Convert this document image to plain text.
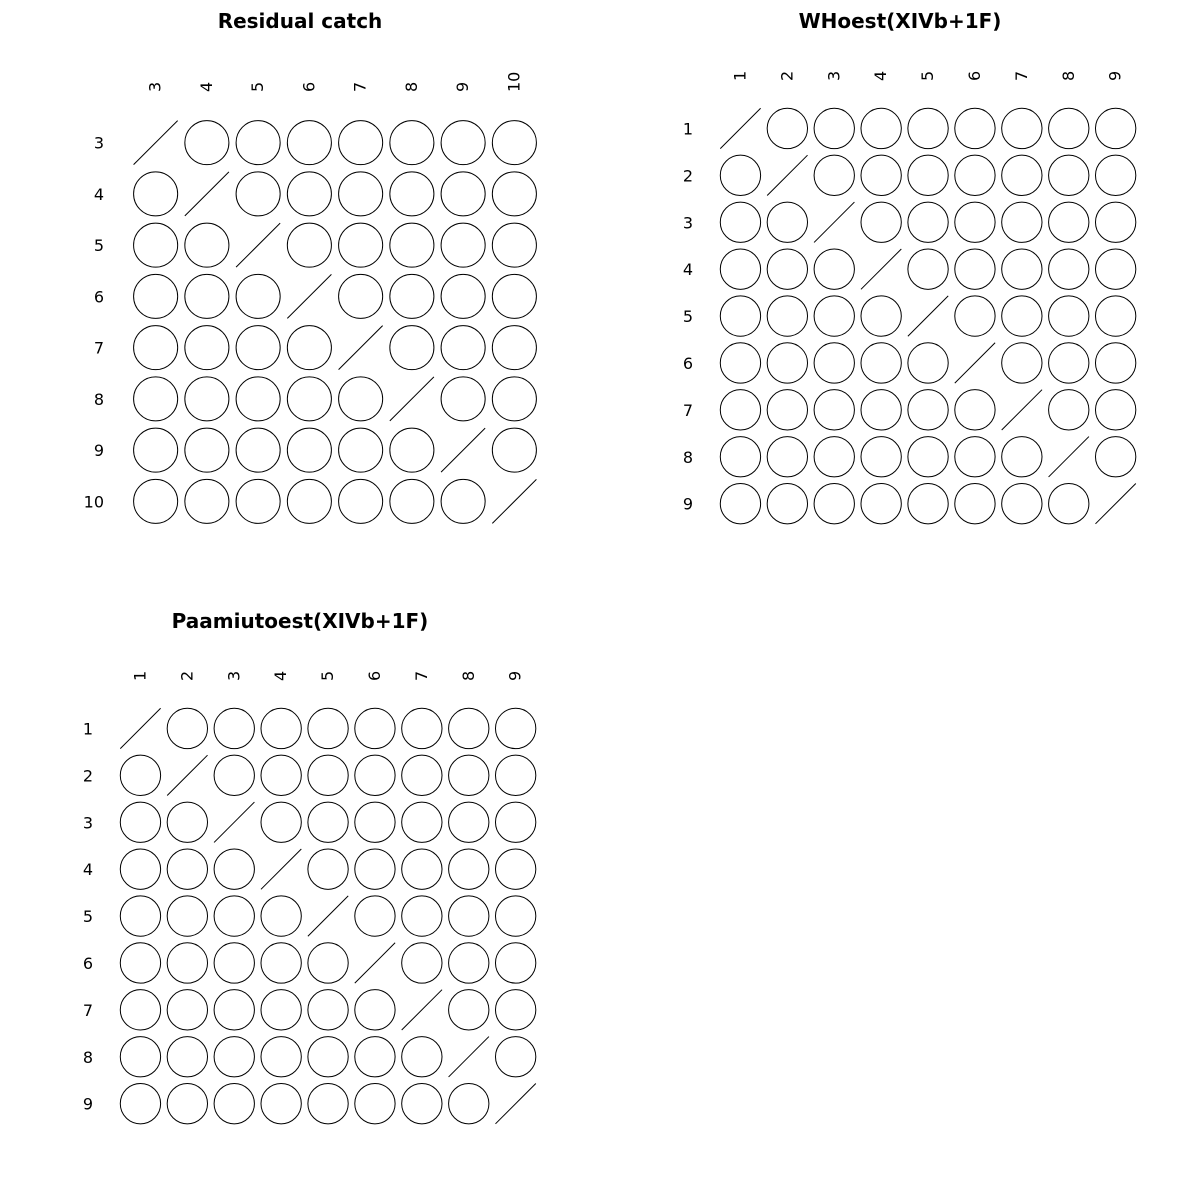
Residual catch
3 4 5 6 7 8 9 10
3
4
5
6
7
8
9
10
WHoest(XIVb+1F)
1 2 3 4 5 6 7 8 9
1
2
3
4
5
6
7
8
9
Paamiutoest(XIVb+1F)
1 2 3 4 5 6 7 8 9
1
2
3
4
5
6
7
8
9
